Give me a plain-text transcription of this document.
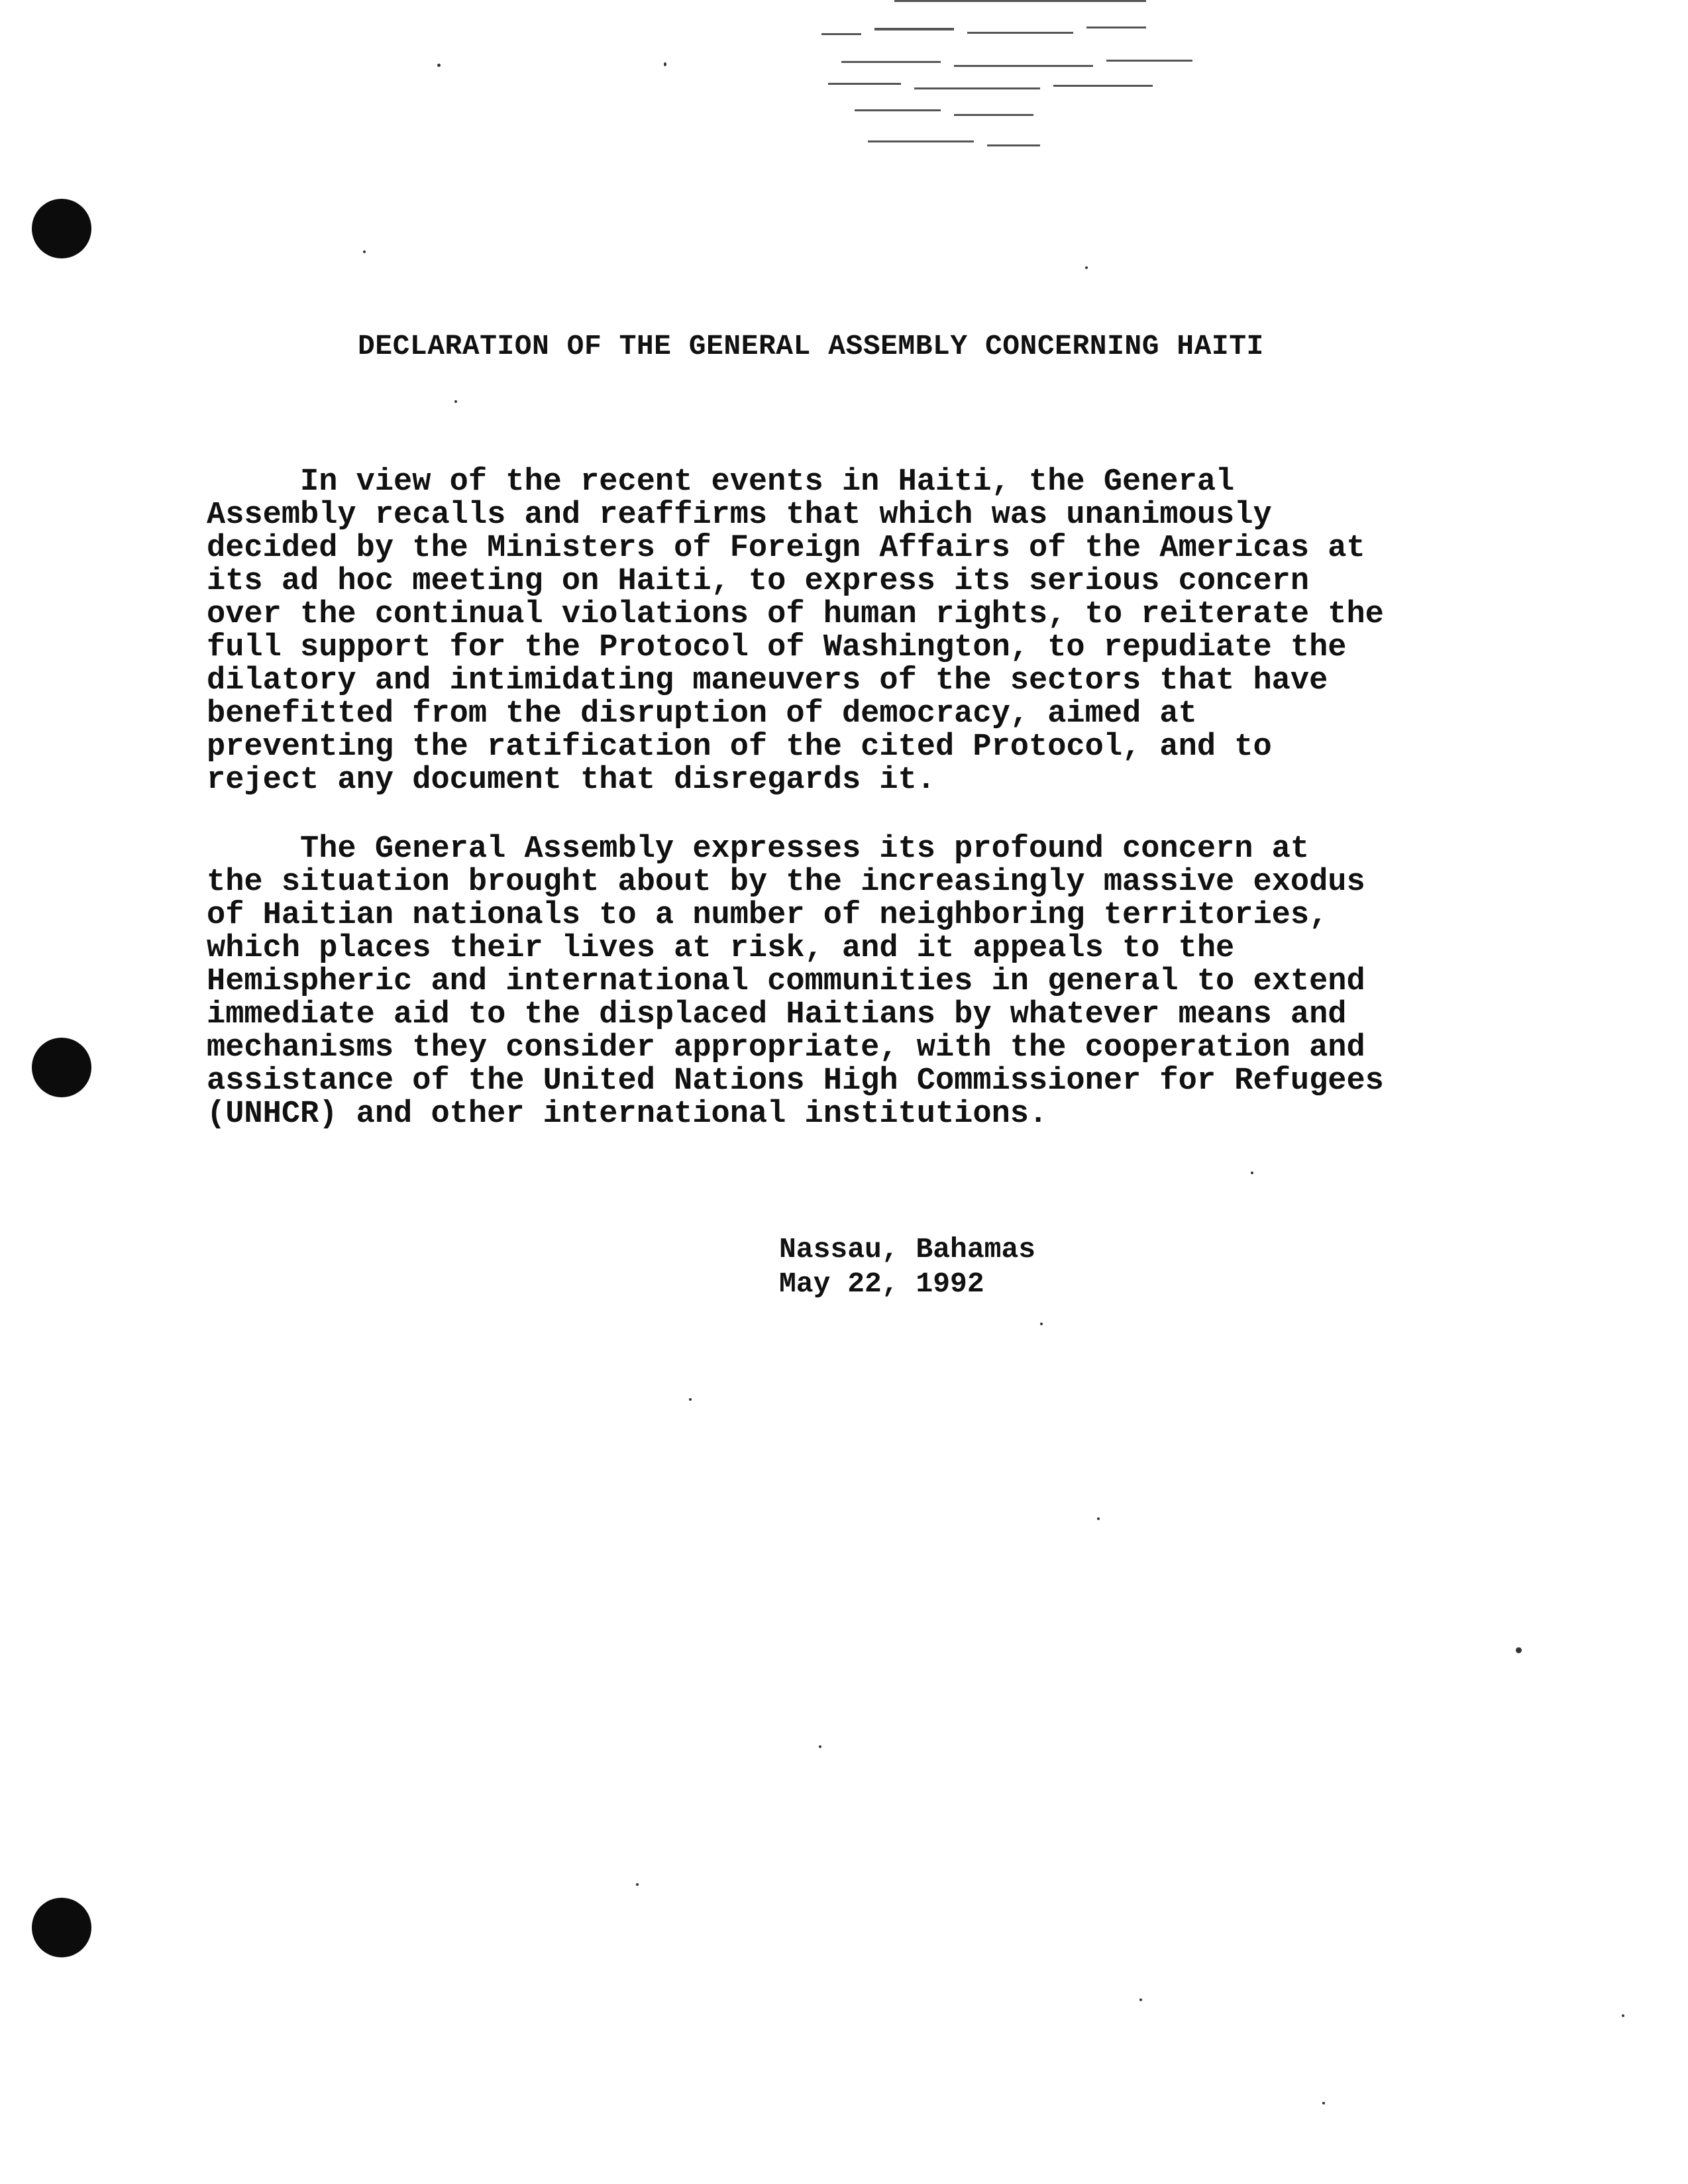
DECLARATION OF THE GENERAL ASSEMBLY CONCERNING HAITI
In view of the recent events in Haiti, the General
Assembly recalls and reaffirms that which was unanimously
decided by the Ministers of Foreign Affairs of the Americas at
its ad hoc meeting on Haiti, to express its serious concern
over the continual violations of human rights, to reiterate the
full support for the Protocol of Washington, to repudiate the
dilatory and intimidating maneuvers of the sectors that have
benefitted from the disruption of democracy, aimed at
preventing the ratification of the cited Protocol, and to
reject any document that disregards it.
The General Assembly expresses its profound concern at
the situation brought about by the increasingly massive exodus
of Haitian nationals to a number of neighboring territories,
which places their lives at risk, and it appeals to the
Hemispheric and international communities in general to extend
immediate aid to the displaced Haitians by whatever means and
mechanisms they consider appropriate, with the cooperation and
assistance of the United Nations High Commissioner for Refugees
(UNHCR) and other international institutions.
Nassau, Bahamas
May 22, 1992
